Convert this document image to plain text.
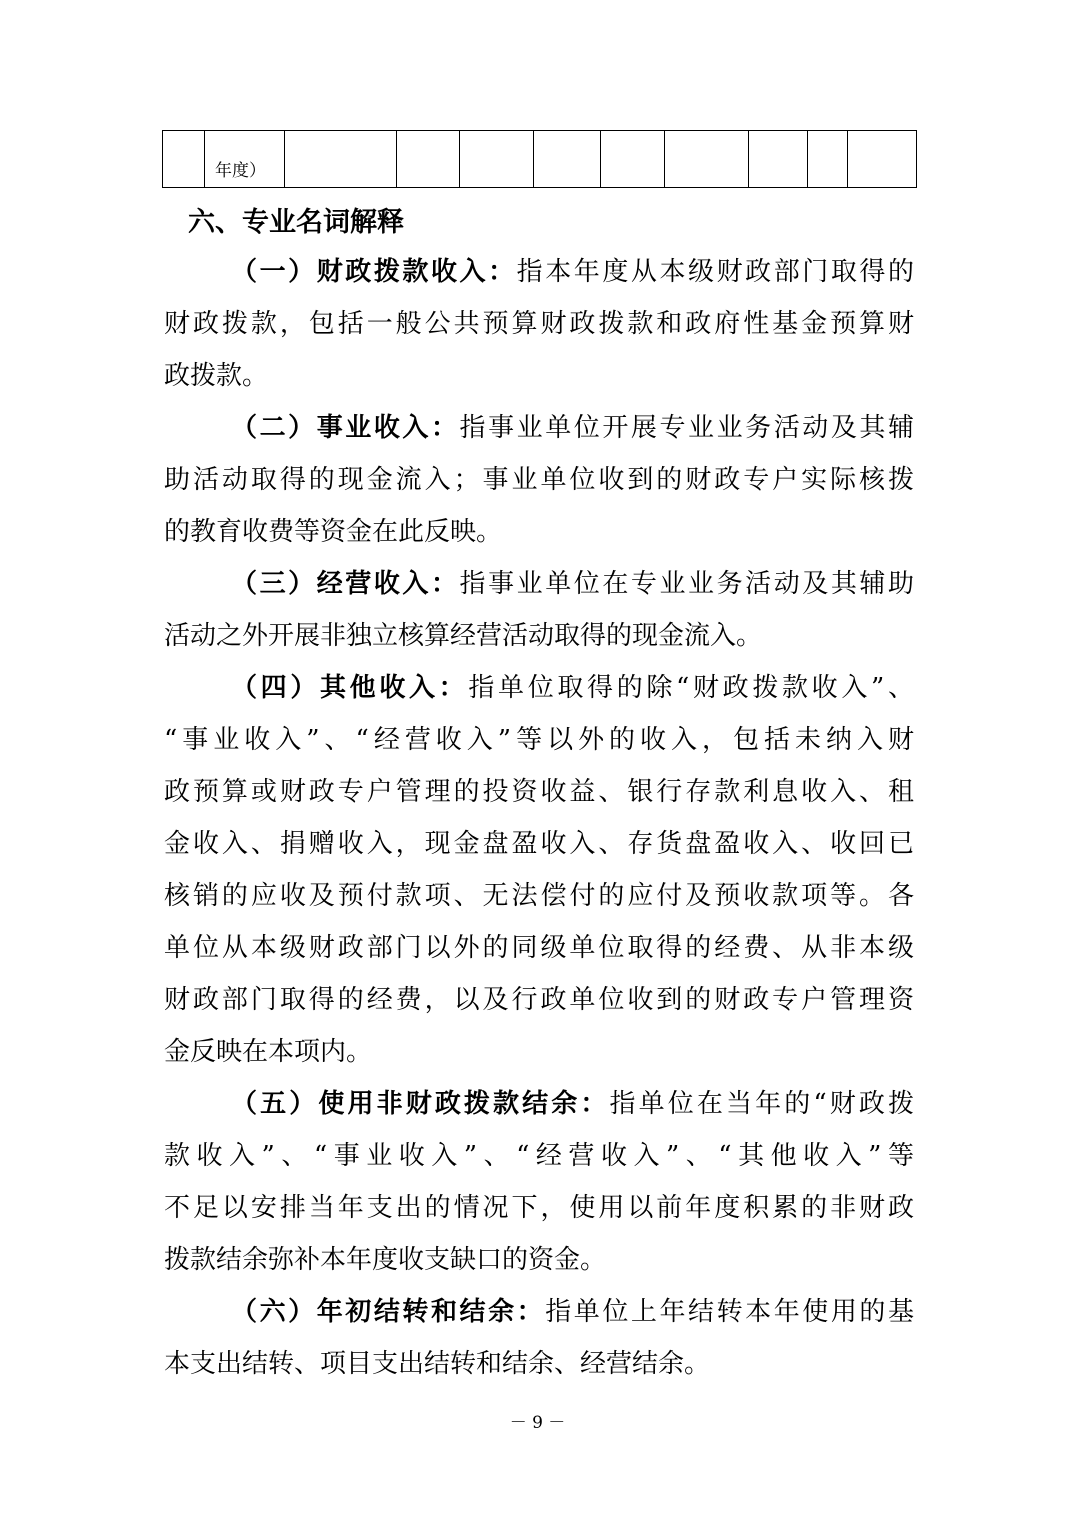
	年度）									
六、专业名词解释
（一）财政拨款收入：指本年度从本级财政部门取得的
财政拨款，包括一般公共预算财政拨款和政府性基金预算财
政拨款。
（二）事业收入：指事业单位开展专业业务活动及其辅
助活动取得的现金流入；事业单位收到的财政专户实际核拨
的教育收费等资金在此反映。
（三）经营收入：指事业单位在专业业务活动及其辅助
活动之外开展非独立核算经营活动取得的现金流入。
（四）其他收入：指单位取得的除“财政拨款收入”、
“事业收入”、“经营收入”等以外的收入，包括未纳入财
政预算或财政专户管理的投资收益、银行存款利息收入、租
金收入、捐赠收入，现金盘盈收入、存货盘盈收入、收回已
核销的应收及预付款项、无法偿付的应付及预收款项等。各
单位从本级财政部门以外的同级单位取得的经费、从非本级
财政部门取得的经费，以及行政单位收到的财政专户管理资
金反映在本项内。
（五）使用非财政拨款结余：指单位在当年的“财政拨
款收入”、“事业收入”、“经营收入”、“其他收入”等
不足以安排当年支出的情况下，使用以前年度积累的非财政
拨款结余弥补本年度收支缺口的资金。
（六）年初结转和结余：指单位上年结转本年使用的基
本支出结转、项目支出结转和结余、经营结余。
－ 9 －
